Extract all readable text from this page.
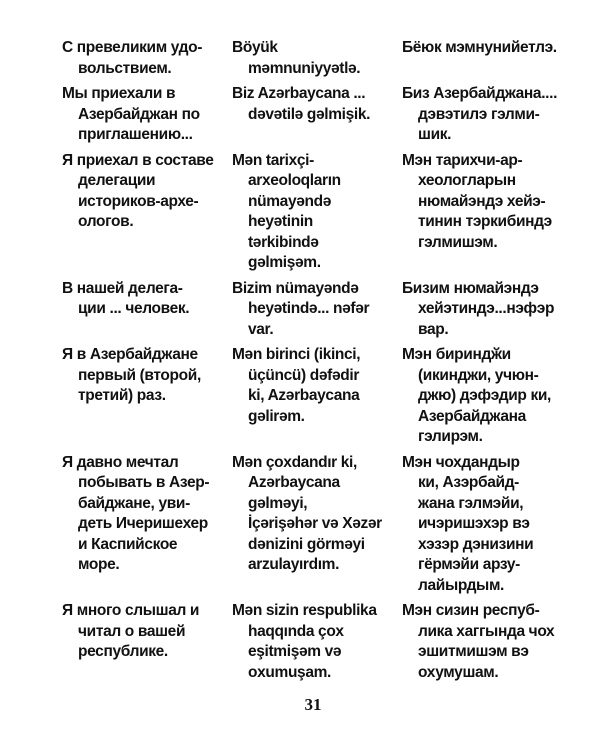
С превеликим удо-
вольствием.
Böyük
məmnuniyyətlə.
Бёюк мэмнунийетлэ.
Мы приехали в
Азербайджан по
приглашению...
Biz Azərbaycana ...
dəvətilə gəlmişik.
Биз Азербайджана....
дэвэтилэ гэлми-
шик.
Я приехал в составе
делегации
историков-архе-
ологов.
Mən tarixçi-
arxeoloqların
nümayəndə
heyətinin
tərkibində
gəlmişəm.
Мэн тарихчи-ар-
хеологларын
нюмайэндэ хейэ-
тинин тэркибиндэ
гэлмишэм.
В нашей делега-
ции ... человек.
Bizim nümayəndə
heyətində... nəfər
var.
Бизим нюмайэндэ
хейэтиндэ...нэфэр
вар.
Я в Азербайджане
первый (второй,
третий) раз.
Mən birinci (ikinci,
üçüncü) dəfədir
ki, Azərbaycana
gəlirəm.
Мэн бириндӂи
(икинджи, учюн-
джю) дэфэдир ки,
Азербайджана
гэлирэм.
Я давно мечтал
побывать в Азер-
байджане, уви-
деть Ичеришехер
и Каспийское
море.
Mən çoxdandır ki,
Azərbaycana
gəlməyi,
İçərişəhər və Xəzər
dənizini görməyi
arzulayırdım.
Мэн чохдандыр
ки, Азэрбайд-
жана гэлмэйи,
ичэришэхэр вэ
хэзэр дэнизини
гёрмэйи арзу-
лайырдым.
Я много слышал и
читал о вашей
республике.
Mən sizin respublika
haqqında çox
eşitmişəm və
oxumuşam.
Мэн сизин респуб-
лика хаггында чох
эшитмишэм вэ
охумушам.
31
